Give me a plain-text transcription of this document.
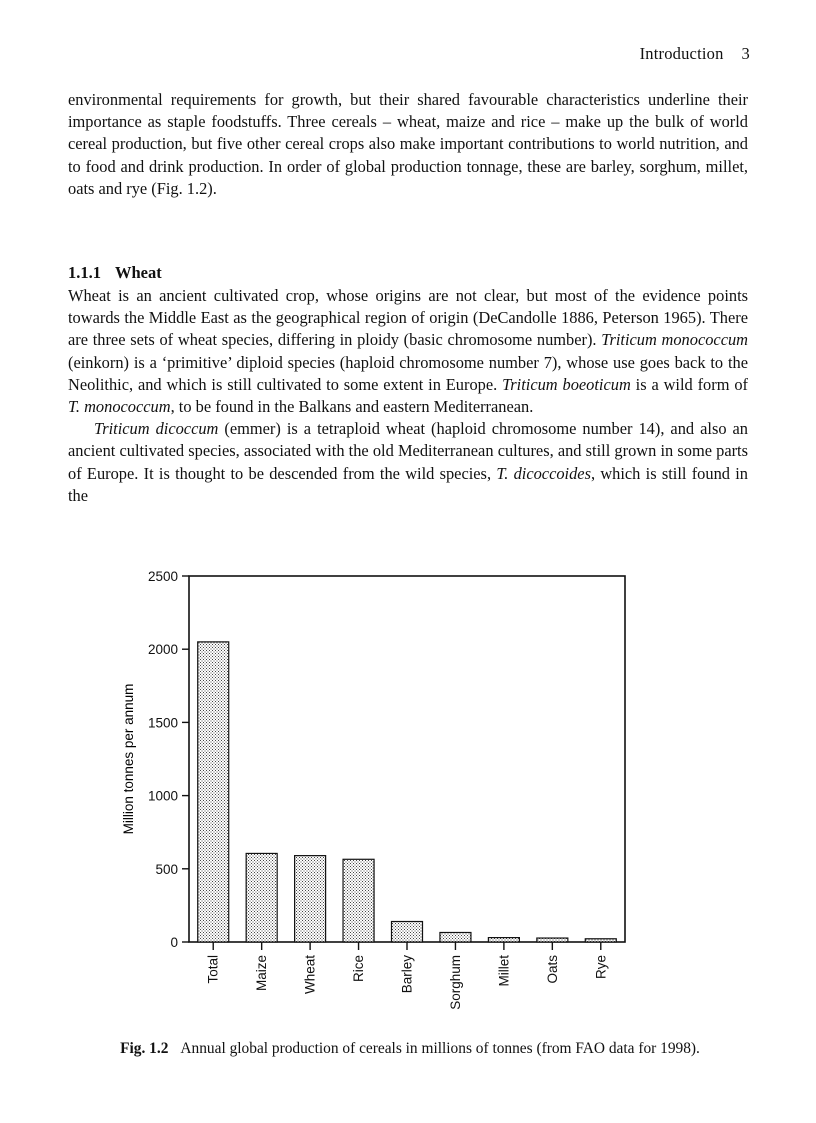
Introduction 3

environmental requirements for growth, but their shared favourable characteristics underline their importance as staple foodstuffs. Three cereals – wheat, maize and rice – make up the bulk of world cereal production, but five other cereal crops also make important contributions to world nutrition, and to food and drink production. In order of global production tonnage, these are barley, sorghum, millet, oats and rye (Fig. 1.2).

1.1.1 Wheat

Wheat is an ancient cultivated crop, whose origins are not clear, but most of the evidence points towards the Middle East as the geographical region of origin (DeCandolle 1886, Peterson 1965). There are three sets of wheat species, differing in ploidy (basic chromosome number). Triticum monococcum (einkorn) is a ‘primitive’ diploid species (haploid chromosome number 7), whose use goes back to the Neolithic, and which is still cultivated to some extent in Europe. Triticum boeoticum is a wild form of T. monococcum, to be found in the Balkans and eastern Mediterranean.

Triticum dicoccum (emmer) is a tetraploid wheat (haploid chromosome number 14), and also an ancient cultivated species, associated with the old Mediterranean cultures, and still grown in some parts of Europe. It is thought to be descended from the wild species, T. dicoccoides, which is still found in the

0
500
1000
1500
2000
2500
Total Maize Wheat Rice Barley Sorghum Millet Oats Rye
Million tonnes per annum
Fig. 1.2 Annual global production of cereals in millions of tonnes (from FAO data for 1998).
